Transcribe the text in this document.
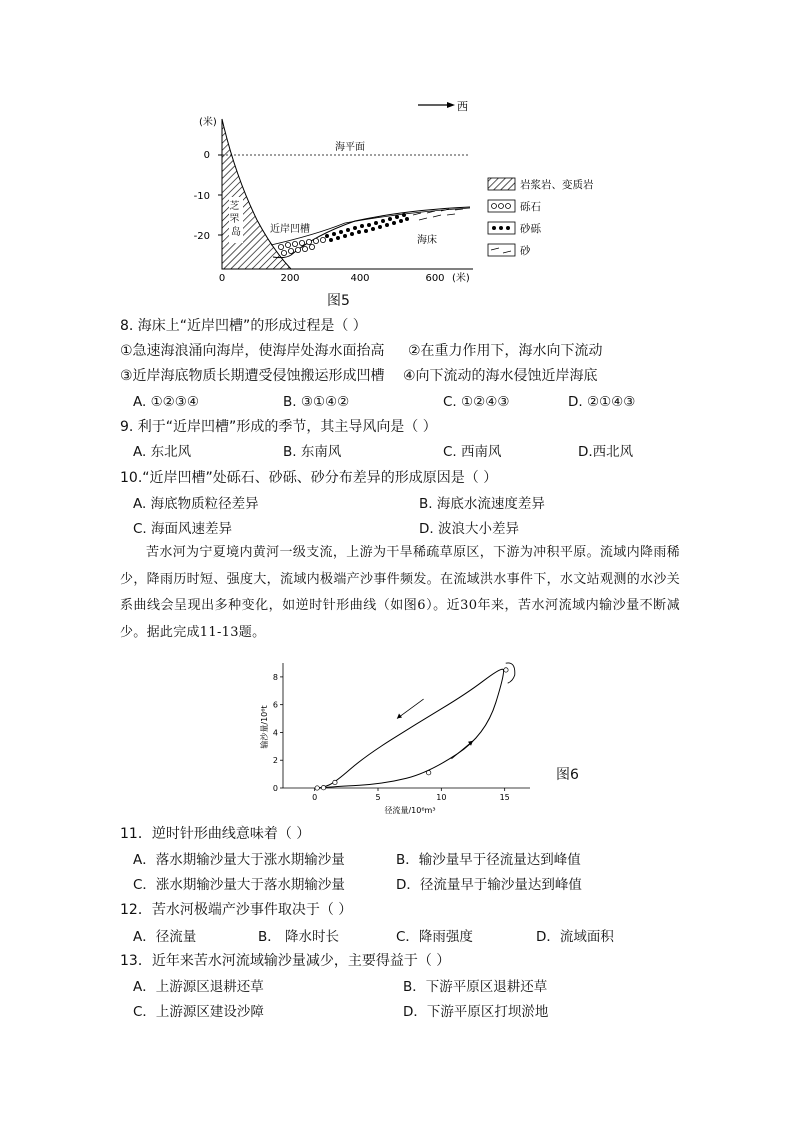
西
(米)
0
-10
-20
0	200	400	600 (米)
海平面
芝 罘 岛	近岸凹槽
海床
岩浆岩、变质岩
砾石
砂砾
砂
图5
8. 海床上“近岸凹槽”的形成过程是（ ）
①急速海浪涌向海岸，使海岸处海水面抬高 ②在重力作用下，海水向下流动
③近岸海底物质长期遭受侵蚀搬运形成凹槽 ④向下流动的海水侵蚀近岸海底
A. ①②③④	B. ③①④②	C. ①②④③	D. ②①④③
9. 利于“近岸凹槽”形成的季节，其主导风向是（ ）
A. 东北风	B. 东南风	C. 西南风	D.西北风
10.“近岸凹槽”处砾石、砂砾、砂分布差异的形成原因是（ ）
A. 海底物质粒径差异	B. 海底水流速度差异
C. 海面风速差异	D. 波浪大小差异
苦水河为宁夏境内黄河一级支流，上游为干旱稀疏草原区，下游为冲积平原。流域内降雨稀少，降雨历时短、强度大，流域内极端产沙事件频发。在流域洪水事件下，水文站观测的水沙关系曲线会呈现出多种变化，如逆时针形曲线（如图6）。近30年来，苦水河流域内输沙量不断减少。据此完成11-13题。
0
2
4
6
8
0	5	10	15
径流量/10⁶m³
输沙量/10⁶t
图6
11．逆时针形曲线意味着（ ）
A．落水期输沙量大于涨水期输沙量	B．输沙量早于径流量达到峰值
C．涨水期输沙量大于落水期输沙量	D．径流量早于输沙量达到峰值
12．苦水河极端产沙事件取决于（ ）
A．径流量	B． 降水时长	C．降雨强度	D．流域面积
13．近年来苦水河流域输沙量减少，主要得益于（ ）
A．上游源区退耕还草	B．下游平原区退耕还草
C．上游源区建设沙障	D．下游平原区打坝淤地
